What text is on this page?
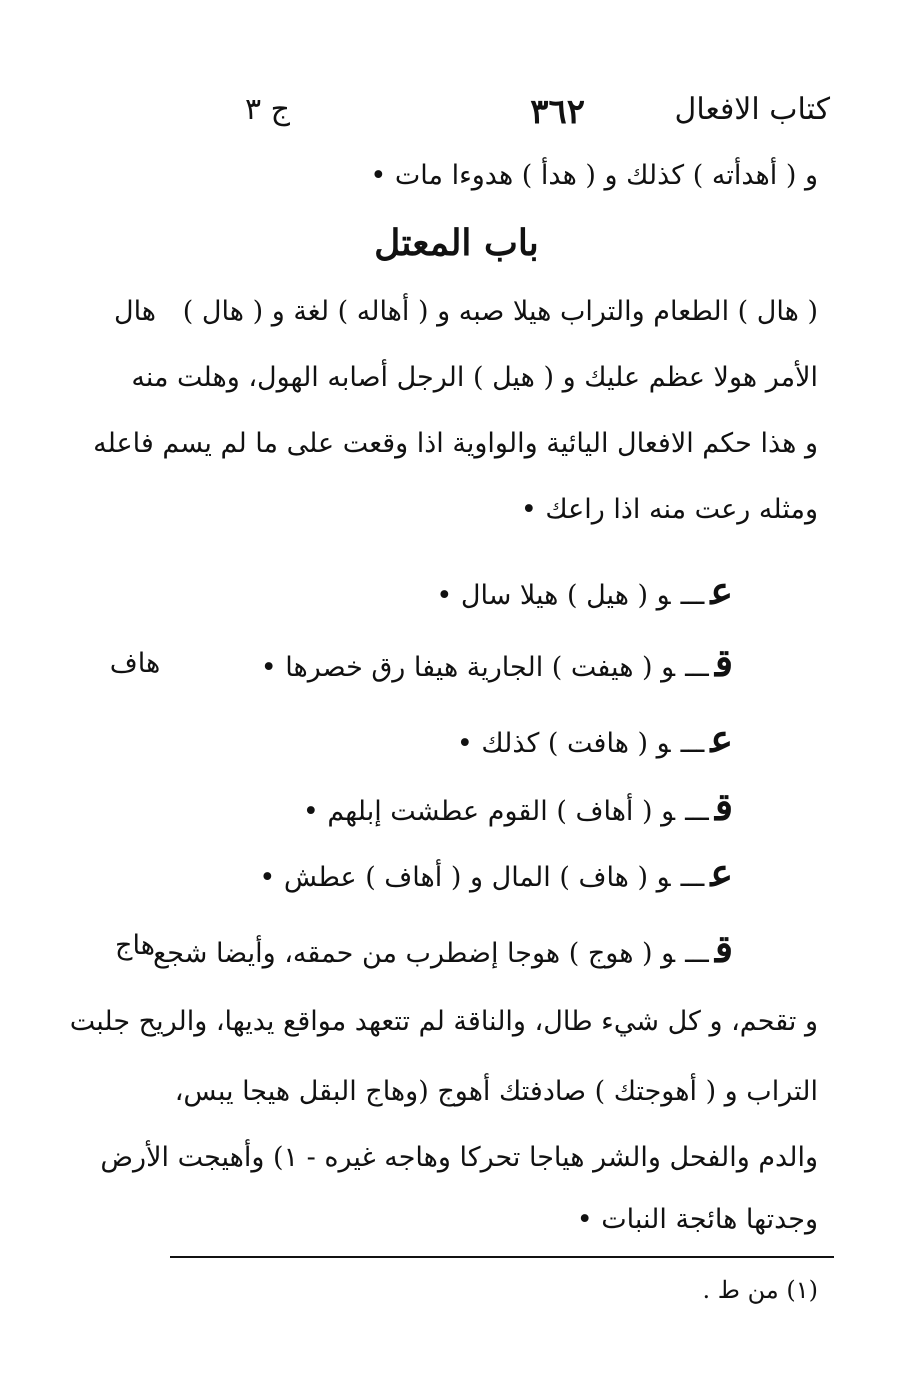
كتاب الافعال
٣٦٢
ج ٣
و ( أهدأته ) كذلك و ( هدأ ) هدوءا مات •
باب المعتل
( هال ) الطعام والتراب هيلا صبه و ( أهاله ) لغة و ( هال )
الأمر هولا عظم عليك و ( هيل ) الرجل أصابه الهول، وهلت منه
و هذا حكم الافعال اليائية والواوية اذا وقعت على ما لم يسم فاعله
ومثله رعت منه اذا راعك •
هال
عـــو ( هيل ) هيلا سال •
قـــو ( هيفت ) الجارية هيفا رق خصرها •
عـــو ( هافت ) كذلك •
قـــو ( أهاف ) القوم عطشت إبلهم •
عـــو ( هاف ) المال و ( أهاف ) عطش •
قـــو ( هوج ) هوجا إضطرب من حمقه، وأيضا شجع
هاف
هاج
و تقحم، و كل شيء طال، والناقة لم تتعهد مواقع يديها، والريح جلبت
التراب و ( أهوجتك ) صادفتك أهوج (وهاج البقل هيجا يبس،
والدم والفحل والشر هياجا تحركا وهاجه غيره - ١) وأهيجت الأرض
وجدتها هائجة النبات •
(١) من ط .
